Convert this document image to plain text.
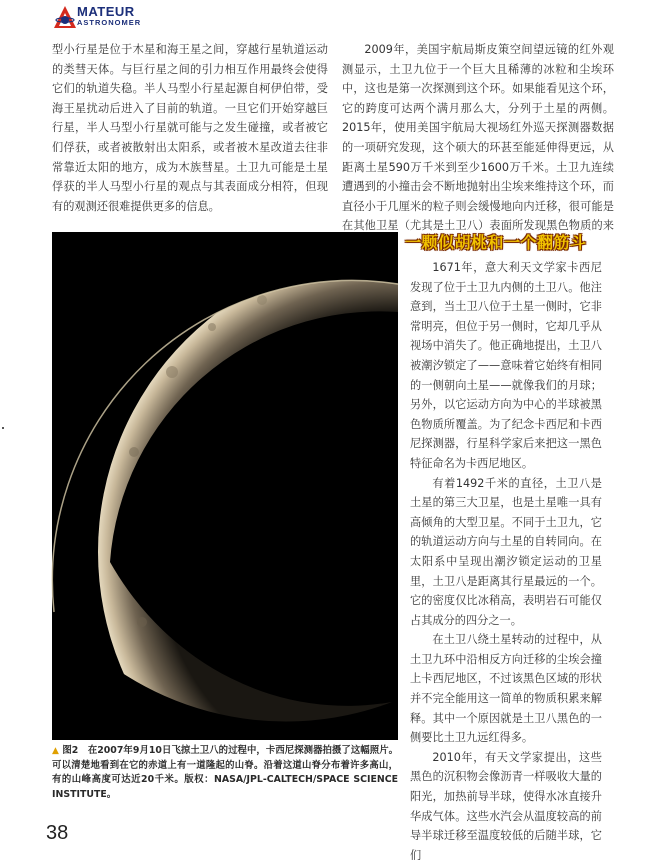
MATEUR
ASTRONOMER

型小行星是位于木星和海王星之间，穿越行星轨道运动的类彗天体。与巨行星之间的引力相互作用最终会使得它们的轨道失稳。半人马型小行星起源自柯伊伯带，受海王星扰动后进入了目前的轨道。一旦它们开始穿越巨行星，半人马型小行星就可能与之发生碰撞，或者被它们俘获，或者被散射出太阳系，或者被木星改道去往非常靠近太阳的地方，成为木族彗星。土卫九可能是土星俘获的半人马型小行星的观点与其表面成分相符，但现有的观测还很难提供更多的信息。

2009年，美国宇航局斯皮策空间望远镜的红外观测显示，土卫九位于一个巨大且稀薄的冰粒和尘埃环中，这也是第一次探测到这个环。如果能看见这个环，它的跨度可达两个满月那么大，分列于土星的两侧。2015年，使用美国宇航局大视场红外巡天探测器数据的一项研究发现，这个硕大的环甚至能延伸得更远，从距离土星590万千米到至少1600万千米。土卫九连续遭遇到的小撞击会不断地抛射出尘埃来维持这个环，而直径小于几厘米的粒子则会缓慢地向内迁移，很可能是在其他卫星（尤其是土卫八）表面所发现黑色物质的来

一颗似胡桃和一个翻筋斗

1671年，意大利天文学家卡西尼发现了位于土卫九内侧的土卫八。他注意到，当土卫八位于土星一侧时，它非常明亮，但位于另一侧时，它却几乎从视场中消失了。他正确地提出，土卫八被潮汐锁定了——意味着它始终有相同的一侧朝向土星——就像我们的月球；另外，以它运动方向为中心的半球被黑色物质所覆盖。为了纪念卡西尼和卡西尼探测器，行星科学家后来把这一黑色特征命名为卡西尼地区。

有着1492千米的直径，土卫八是土星的第三大卫星，也是土星唯一具有高倾角的大型卫星。不同于土卫九，它的轨道运动方向与土星的自转同向。在太阳系中呈现出潮汐锁定运动的卫星里，土卫八是距离其行星最远的一个。它的密度仅比冰稍高，表明岩石可能仅占其成分的四分之一。

在土卫八绕土星转动的过程中，从土卫九环中沿相反方向迁移的尘埃会撞上卡西尼地区，不过该黑色区域的形状并不完全能用这一简单的物质积累来解释。其中一个原因就是土卫八黑色的一侧要比土卫九远红得多。

2010年，有天文学家提出，这些黑色的沉积物会像沥青一样吸收大量的阳光，加热前导半球，使得水冰直接升华成气体。这些水汽会从温度较高的前导半球迁移至温度较低的后随半球，它们

▲ 图2　在2007年9月10日飞掠土卫八的过程中，卡西尼探测器拍摄了这幅照片。可以清楚地看到在它的赤道上有一道隆起的山脊。沿着这道山脊分布着许多高山，有的山峰高度可达近20千米。版权：NASA/JPL-CALTECH/SPACE SCIENCE INSTITUTE。
38
